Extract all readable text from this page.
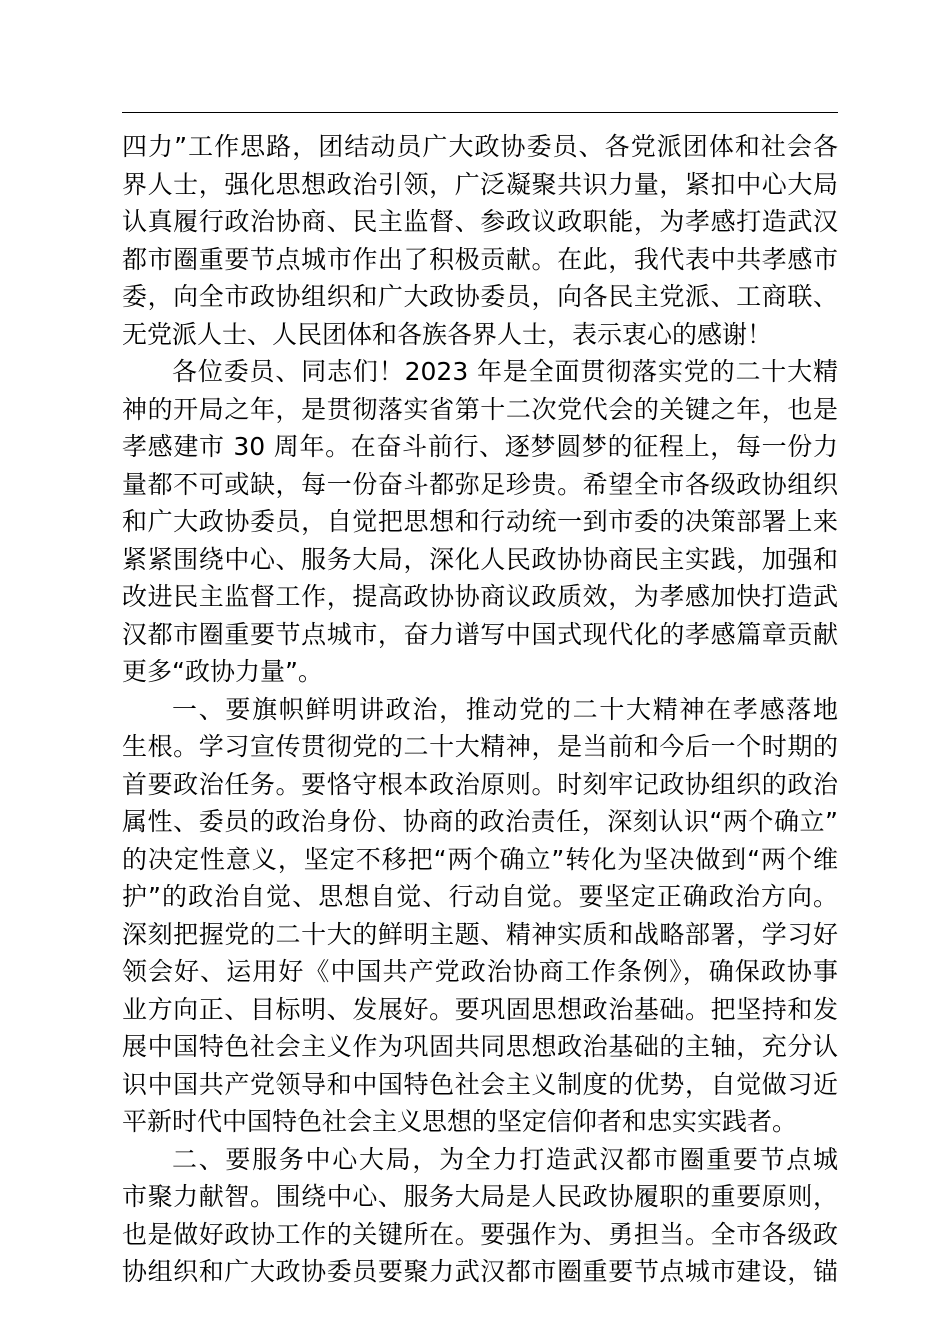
四力”工作思路，团结动员广大政协委员、各党派团体和社会各
界人士，强化思想政治引领，广泛凝聚共识力量，紧扣中心大局
认真履行政治协商、民主监督、参政议政职能，为孝感打造武汉
都市圈重要节点城市作出了积极贡献。在此，我代表中共孝感市
委，向全市政协组织和广大政协委员，向各民主党派、工商联、
无党派人士、人民团体和各族各界人士，表示衷心的感谢！
各位委员、同志们！2023 年是全面贯彻落实党的二十大精
神的开局之年，是贯彻落实省第十二次党代会的关键之年，也是
孝感建市 30 周年。在奋斗前行、逐梦圆梦的征程上，每一份力
量都不可或缺，每一份奋斗都弥足珍贵。希望全市各级政协组织
和广大政协委员，自觉把思想和行动统一到市委的决策部署上来
紧紧围绕中心、服务大局，深化人民政协协商民主实践，加强和
改进民主监督工作，提高政协协商议政质效，为孝感加快打造武
汉都市圈重要节点城市，奋力谱写中国式现代化的孝感篇章贡献
更多“政协力量”。
一、要旗帜鲜明讲政治，推动党的二十大精神在孝感落地
生根。学习宣传贯彻党的二十大精神，是当前和今后一个时期的
首要政治任务。要恪守根本政治原则。时刻牢记政协组织的政治
属性、委员的政治身份、协商的政治责任，深刻认识“两个确立”
的决定性意义，坚定不移把“两个确立”转化为坚决做到“两个维
护”的政治自觉、思想自觉、行动自觉。要坚定正确政治方向。
深刻把握党的二十大的鲜明主题、精神实质和战略部署，学习好
领会好、运用好《中国共产党政治协商工作条例》，确保政协事
业方向正、目标明、发展好。要巩固思想政治基础。把坚持和发
展中国特色社会主义作为巩固共同思想政治基础的主轴，充分认
识中国共产党领导和中国特色社会主义制度的优势，自觉做习近
平新时代中国特色社会主义思想的坚定信仰者和忠实实践者。
二、要服务中心大局，为全力打造武汉都市圈重要节点城
市聚力献智。围绕中心、服务大局是人民政协履职的重要原则，
也是做好政协工作的关键所在。要强作为、勇担当。全市各级政
协组织和广大政协委员要聚力武汉都市圈重要节点城市建设，锚
